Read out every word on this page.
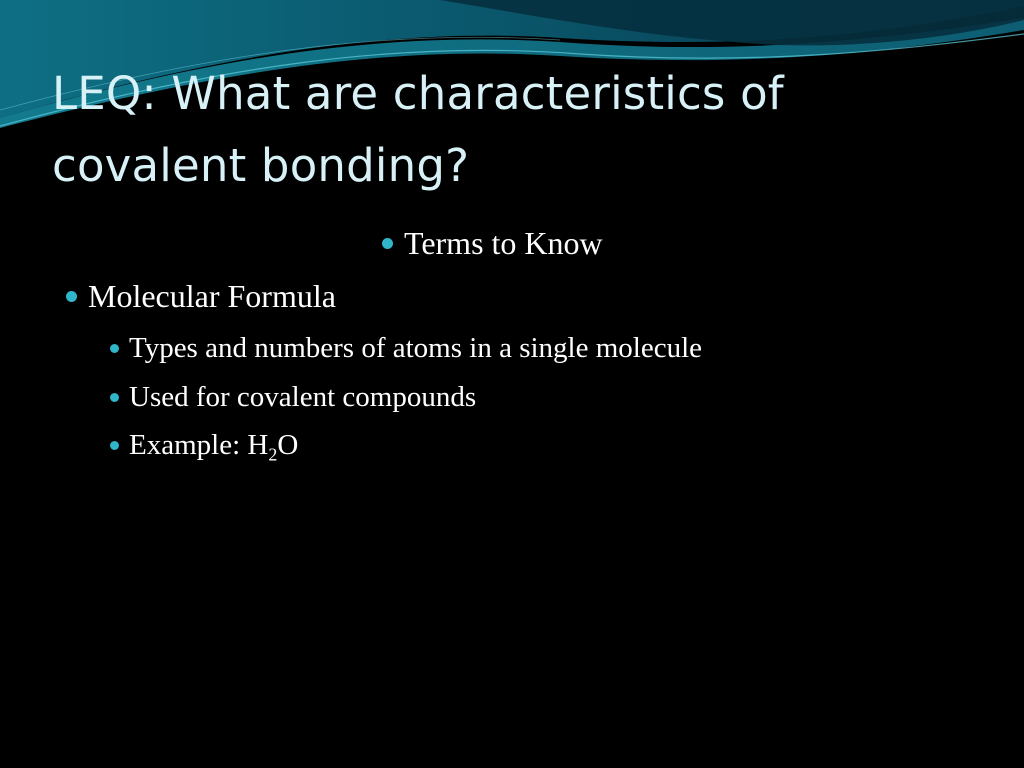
LEQ: What are characteristics of covalent bonding?
Terms to Know
Molecular Formula
Types and numbers of atoms in a single molecule
Used for covalent compounds
Example: $H_2O$
